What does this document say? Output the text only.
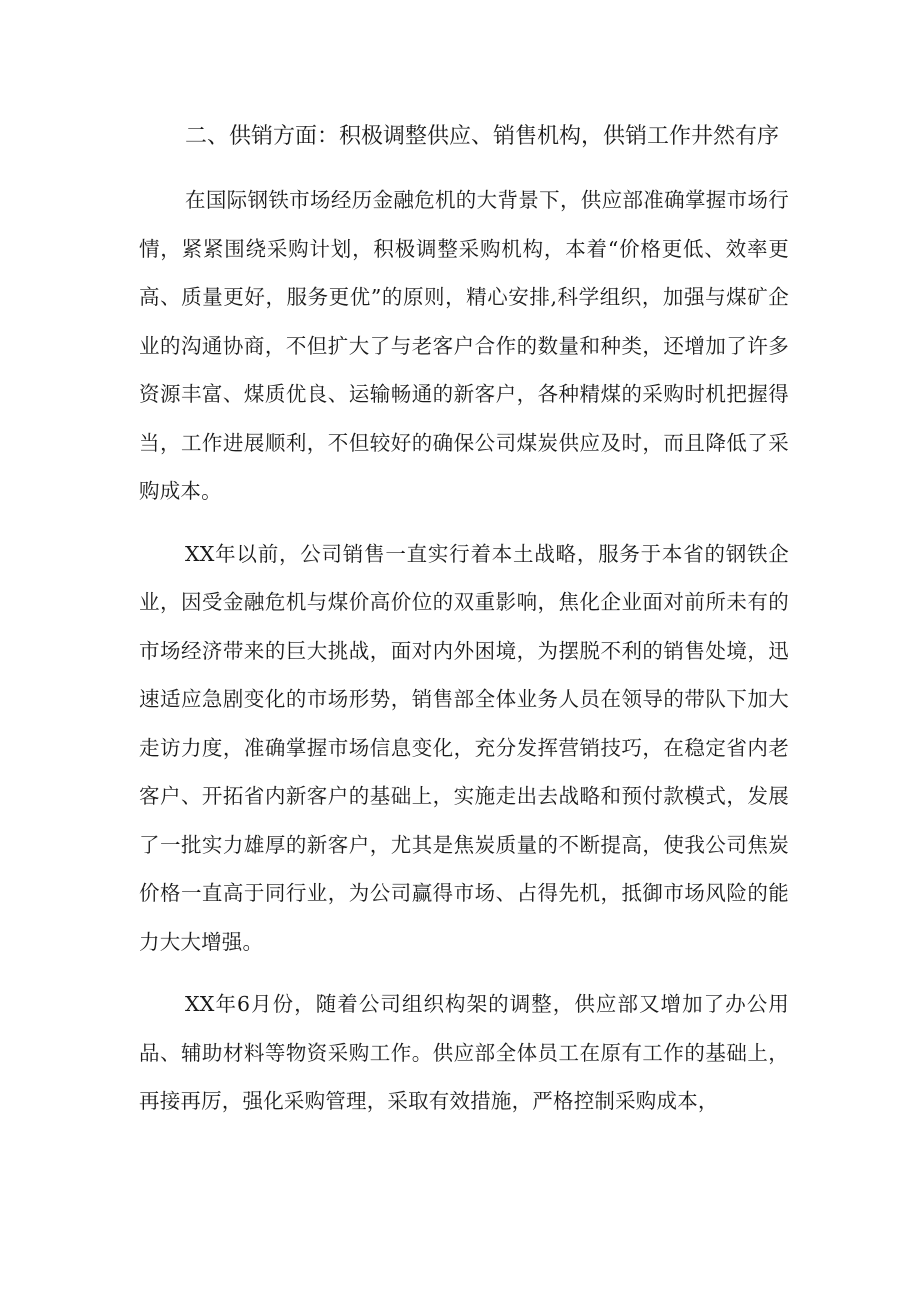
二、供销方面：积极调整供应、销售机构，供销工作井然有序

在国际钢铁市场经历金融危机的大背景下，供应部准确掌握市场行情，紧紧围绕采购计划，积极调整采购机构，本着“价格更低、效率更高、质量更好，服务更优”的原则，精心安排,科学组织，加强与煤矿企业的沟通协商，不但扩大了与老客户合作的数量和种类，还增加了许多资源丰富、煤质优良、运输畅通的新客户，各种精煤的采购时机把握得当，工作进展顺利，不但较好的确保公司煤炭供应及时，而且降低了采购成本。

XX年以前，公司销售一直实行着本土战略，服务于本省的钢铁企业，因受金融危机与煤价高价位的双重影响，焦化企业面对前所未有的市场经济带来的巨大挑战，面对内外困境，为摆脱不利的销售处境，迅速适应急剧变化的市场形势，销售部全体业务人员在领导的带队下加大走访力度，准确掌握市场信息变化，充分发挥营销技巧，在稳定省内老客户、开拓省内新客户的基础上，实施走出去战略和预付款模式，发展了一批实力雄厚的新客户，尤其是焦炭质量的不断提高，使我公司焦炭价格一直高于同行业，为公司赢得市场、占得先机，抵御市场风险的能力大大增强。

XX年6月份，随着公司组织构架的调整，供应部又增加了办公用品、辅助材料等物资采购工作。供应部全体员工在原有工作的基础上，再接再厉，强化采购管理，采取有效措施，严格控制采购成本，
